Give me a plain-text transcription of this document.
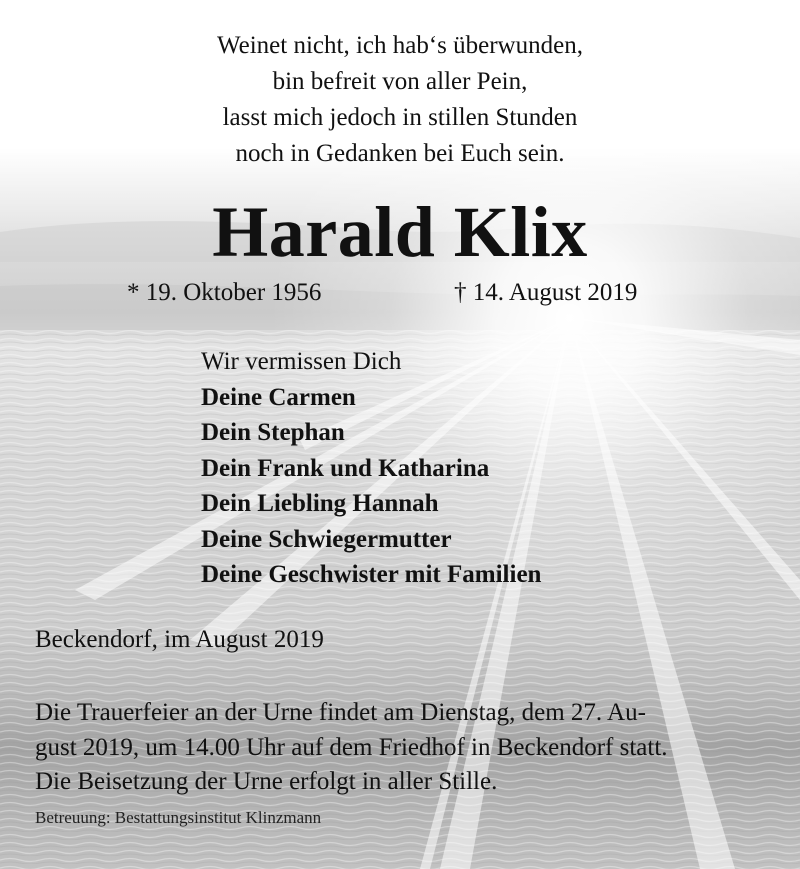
Weinet nicht, ich hab‘s überwunden,
bin befreit von aller Pein,
lasst mich jedoch in stillen Stunden
noch in Gedanken bei Euch sein.
Harald Klix
* 19. Oktober 1956	† 14. August 2019
Wir vermissen Dich
Deine Carmen
Dein Stephan
Dein Frank und Katharina
Dein Liebling Hannah
Deine Schwiegermutter
Deine Geschwister mit Familien
Beckendorf, im August 2019
Die Trauerfeier an der Urne findet am Dienstag, dem 27. Au-
gust 2019, um 14.00 Uhr auf dem Friedhof in Beckendorf statt.
Die Beisetzung der Urne erfolgt in aller Stille.
Betreuung: Bestattungsinstitut Klinzmann
